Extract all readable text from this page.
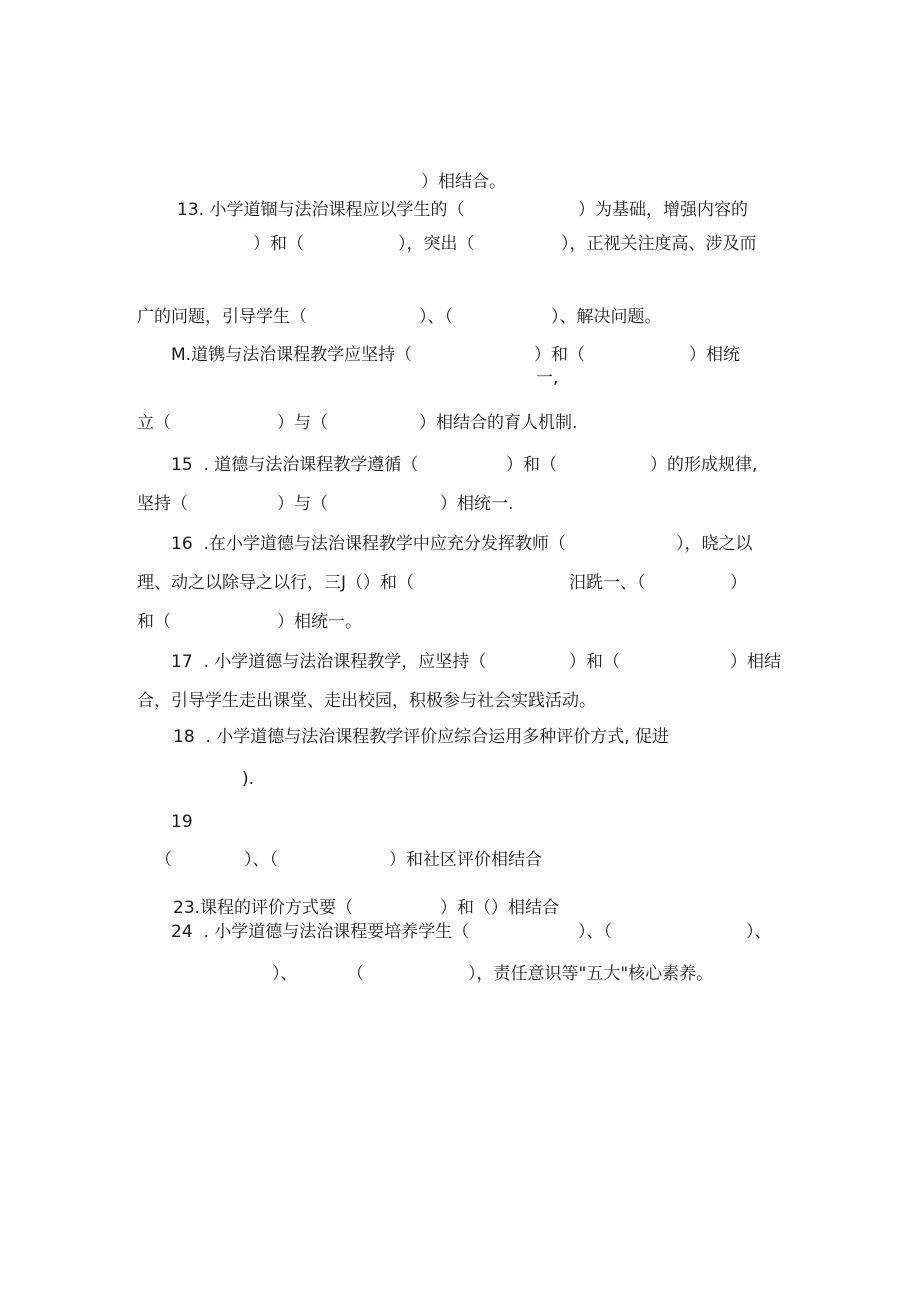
）相结合。
13. 小学道锢与法治课程应以学生的（	）为基础，增强内容的
）和（	），突出（	），正视关注度高、涉及而
广的问题，引导学生（	）、（	）、解决问题。
M.道镌与法治课程教学应坚持（	）和（	）相统
一,
立（	）与（	）相结合的育人机制.
15  . 道德与法治课程教学遵循（	）和（	）的形成规律,
坚持（	）与（	）相统一.
16  .在小学道德与法治课程教学中应充分发挥教师（	），晓之以
理、动之以除导之以行，三J（）和（	汨跣一、（	）
和（	）相统一。
17  . 小学道德与法治课程教学，应坚持（	）和（	）相结
合，引导学生走出课堂、走出校园，积极参与社会实践活动。
18  . 小学道德与法治课程教学评价应综合运用多种评价方式, 促进
).
19
（	）、（	）和社区评价相结合
23.课程的评价方式要（	）和（）相结合
24  . 小学道德与法治课程要培养学生（	）、（	）、
）、	（	），责任意识等"五大"核心素养。
